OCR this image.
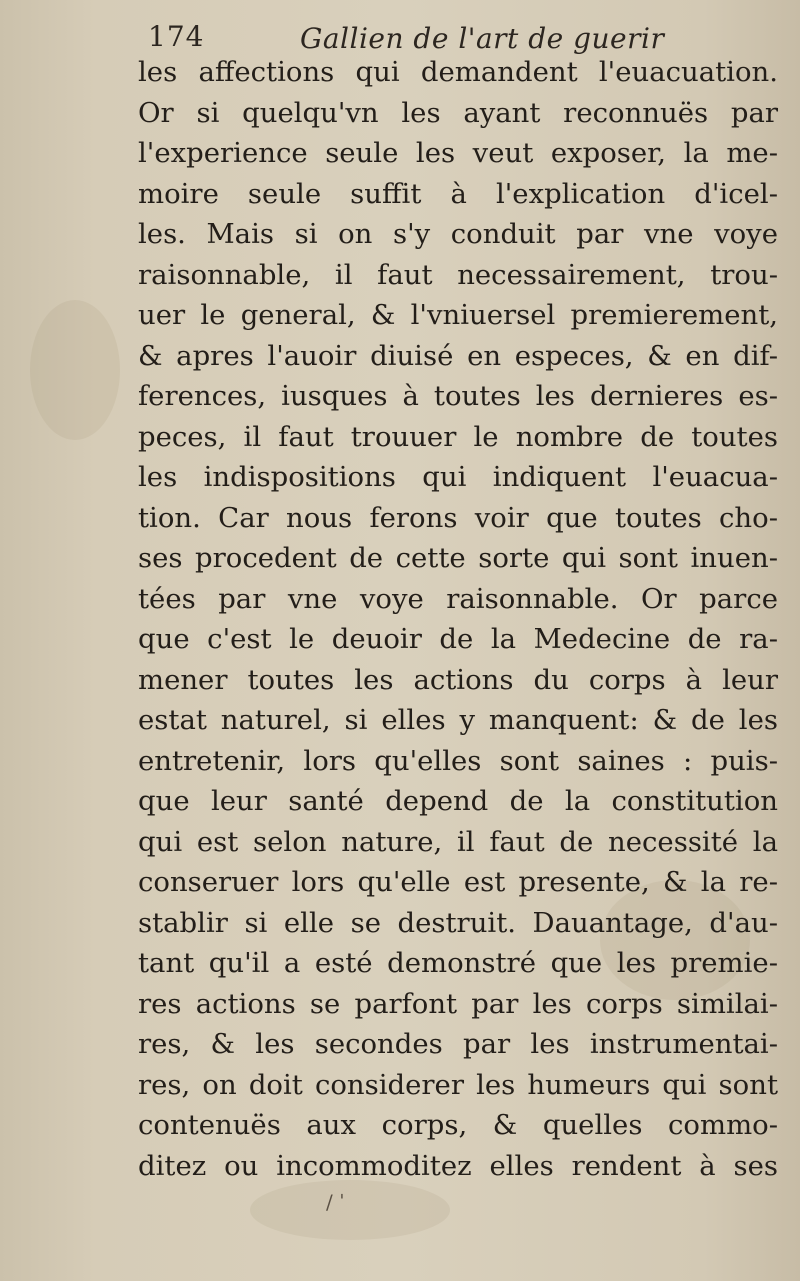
174	Gallien de l'art de guerir
les affections qui demandent l'euacuation.
Or si quelqu'vn les ayant reconnuës par
l'experience seule les veut exposer, la me-
moire seule suffit à l'explication d'icel-
les. Mais si on s'y conduit par vne voye
raisonnable, il faut necessairement, trou-
uer le general, & l'vniuersel premierement,
& apres l'auoir diuisé en especes, & en dif-
ferences, iusques à toutes les dernieres es-
peces, il faut trouuer le nombre de toutes
les indispositions qui indiquent l'euacua-
tion. Car nous ferons voir que toutes cho-
ses procedent de cette sorte qui sont inuen-
tées par vne voye raisonnable. Or parce
que c'est le deuoir de la Medecine de ra-
mener toutes les actions du corps à leur
estat naturel, si elles y manquent: & de les
entretenir, lors qu'elles sont saines : puis-
que leur santé depend de la constitution
qui est selon nature, il faut de necessité la
conseruer lors qu'elle est presente, & la re-
stablir si elle se destruit. Dauantage, d'au-
tant qu'il a esté demonstré que les premie-
res actions se parfont par les corps similai-
res, & les secondes par les instrumentai-
res, on doit considerer les humeurs qui sont
contenuës aux corps, & quelles commo-
ditez ou incommoditez elles rendent à ses
/ ˈ
